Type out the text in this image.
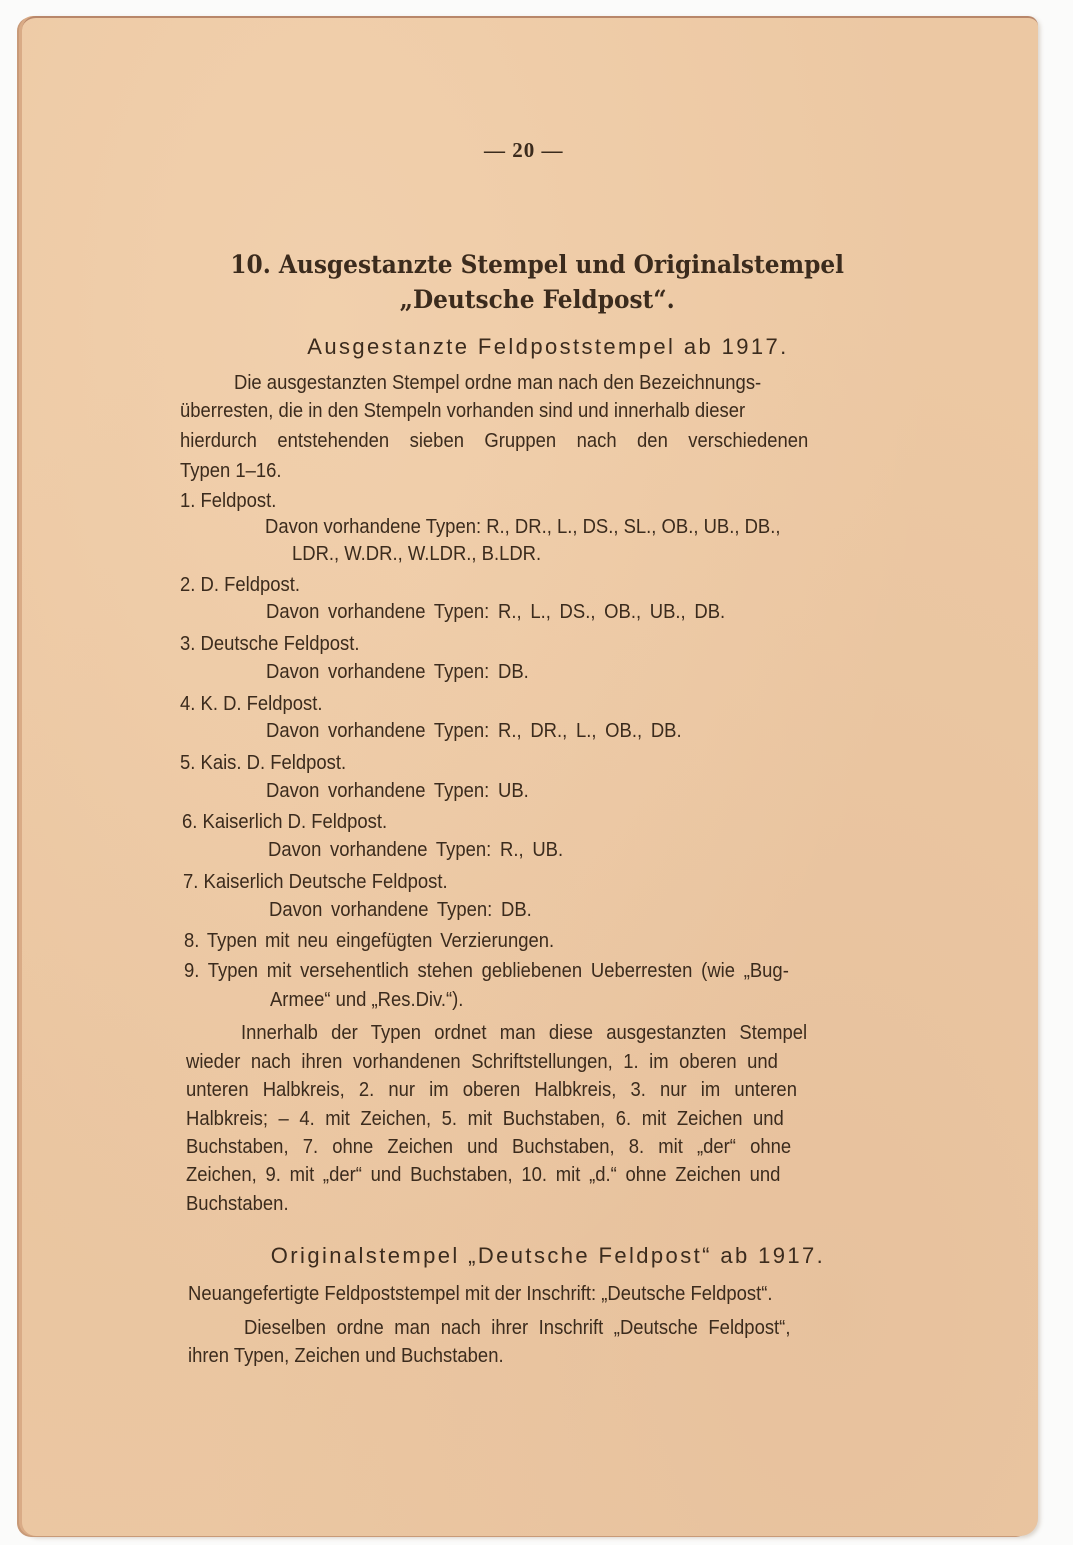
— 20 —
10. Ausgestanzte Stempel und Originalstempel
„Deutsche Feldpost“.
Ausgestanzte Feldpoststempel ab 1917.
Die ausgestanzten Stempel ordne man nach den Bezeichnungs-
überresten, die in den Stempeln vorhanden sind und innerhalb dieser
hierdurch entstehenden sieben Gruppen nach den verschiedenen
Typen 1–16.
1. Feldpost.
Davon vorhandene Typen: R., DR., L., DS., SL., OB., UB., DB.,
LDR., W.DR., W.LDR., B.LDR.
2. D. Feldpost.
Davon vorhandene Typen: R., L., DS., OB., UB., DB.
3. Deutsche Feldpost.
Davon vorhandene Typen: DB.
4. K. D. Feldpost.
Davon vorhandene Typen: R., DR., L., OB., DB.
5. Kais. D. Feldpost.
Davon vorhandene Typen: UB.
6. Kaiserlich D. Feldpost.
Davon vorhandene Typen: R., UB.
7. Kaiserlich Deutsche Feldpost.
Davon vorhandene Typen: DB.
8. Typen mit neu eingefügten Verzierungen.
9. Typen mit versehentlich stehen gebliebenen Ueberresten (wie „Bug-
Armee“ und „Res.Div.“).
Innerhalb der Typen ordnet man diese ausgestanzten Stempel
wieder nach ihren vorhandenen Schriftstellungen, 1. im oberen und
unteren Halbkreis, 2. nur im oberen Halbkreis, 3. nur im unteren
Halbkreis; – 4. mit Zeichen, 5. mit Buchstaben, 6. mit Zeichen und
Buchstaben, 7. ohne Zeichen und Buchstaben, 8. mit „der“ ohne
Zeichen, 9. mit „der“ und Buchstaben, 10. mit „d.“ ohne Zeichen und
Buchstaben.
Originalstempel „Deutsche Feldpost“ ab 1917.
Neuangefertigte Feldpoststempel mit der Inschrift: „Deutsche Feldpost“.
Dieselben ordne man nach ihrer Inschrift „Deutsche Feldpost“,
ihren Typen, Zeichen und Buchstaben.
